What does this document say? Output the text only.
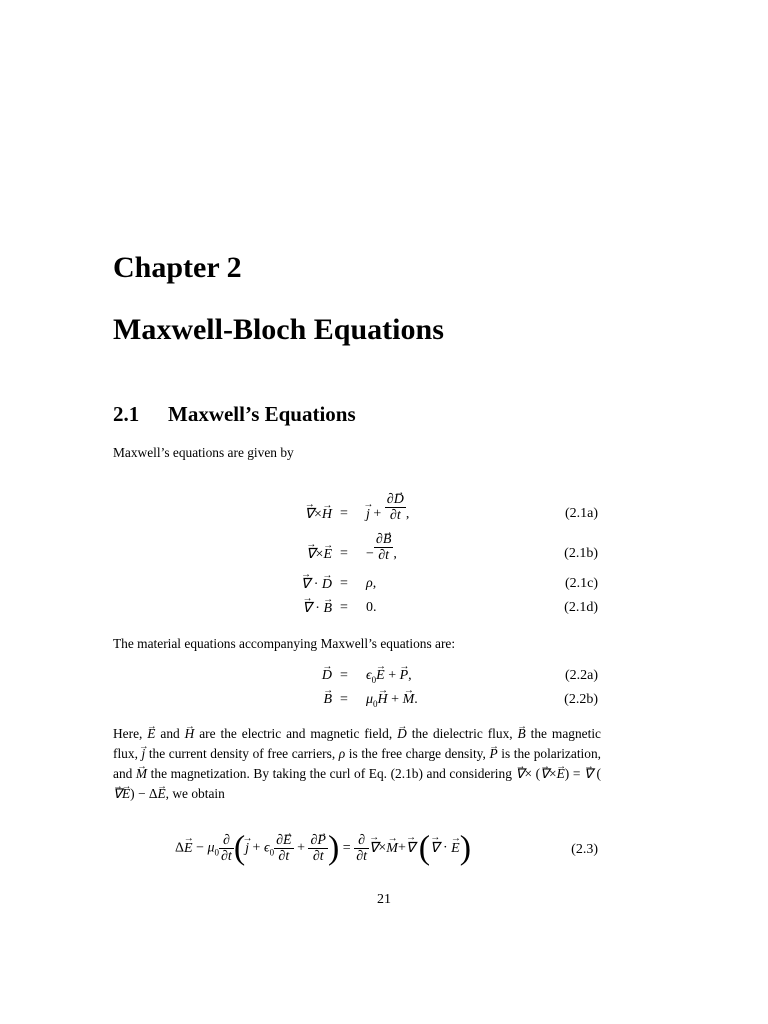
Chapter 2
Maxwell-Bloch Equations
2.1 Maxwell’s Equations
Maxwell’s equations are given by
→ ∇×→ H = → $j + \frac{\partial\to D}{\partial t}$ ,	(2.1a)
→ ∇×→ E = − $\frac{\partial\to B}{\partial t}$ ,	(2.1b)
→ ∇ · → D = ρ,	(2.1c)
→ ∇ · → B = 0.	(2.1d)
The material equations accompanying Maxwell’s equations are:
→ $D = \epsilon_0\to E$ + → P,	(2.2a)
→ $B = \mu_0\to H$ + → M.	(2.2b)
Here, → E and → H are the electric and magnetic field, → D the dielectric flux, → B the magnetic flux, → j the current density of free carriers, ρ is the free charge density, → P is the polarization, and → M the magnetization. By taking the curl of Eq. (2.1b) and considering → ∇× (→ ∇×→ E) = → ∇ (→ ∇→ E) − Δ→ E, we obtain
$\Delta\to E - \mu_0 \frac{\partial}{\partial t}$ (→ $j + \epsilon_0 \frac{\partial\to E}{\partial t} + \frac{\partial\to P}{\partial t}$ ) = $\frac{\partial}{\partial t}$ → ∇×→ M+→ ∇ (→ ∇ · → E)	(2.3)
21
